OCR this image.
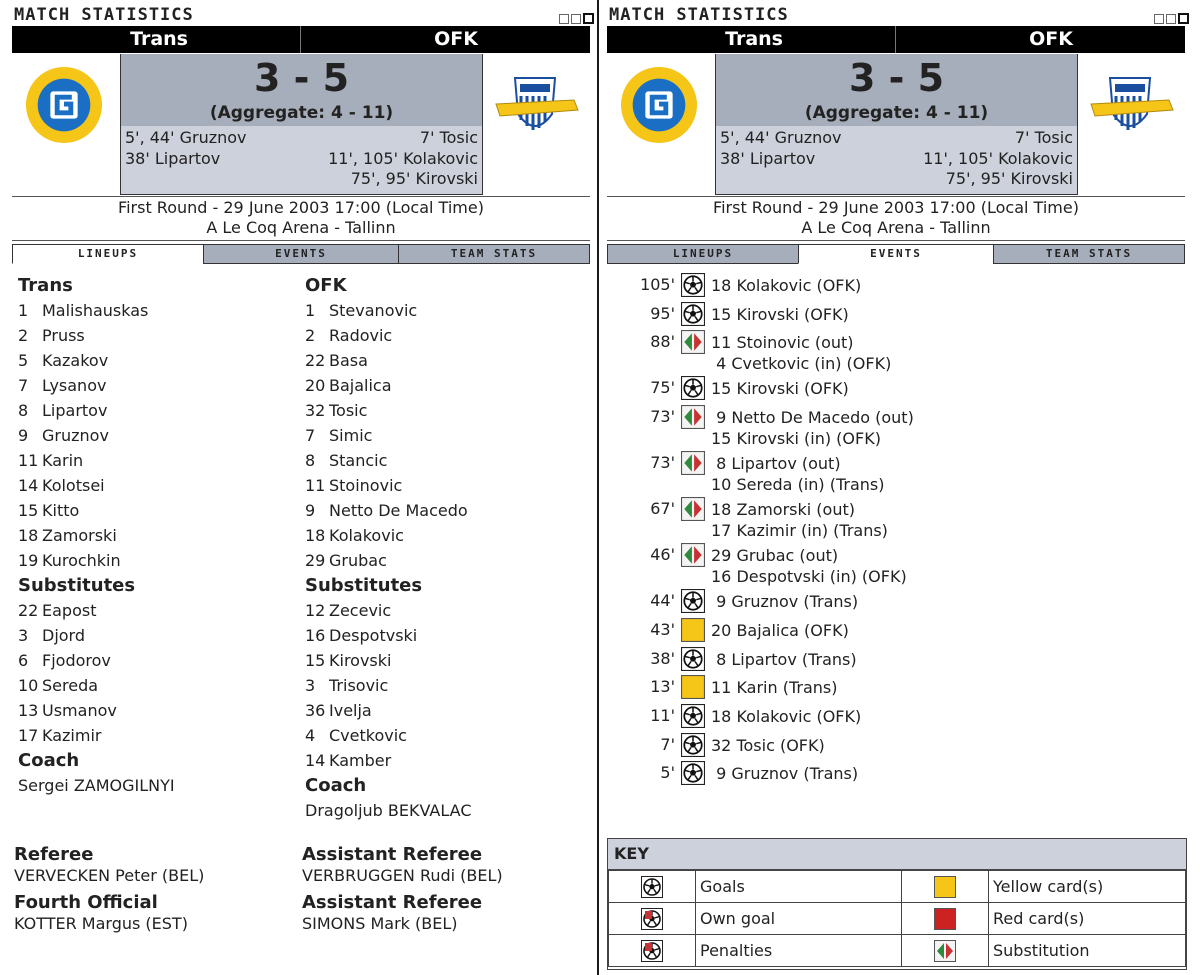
MATCH STATISTICS
Trans	OFK
3 - 5
(Aggregate: 4 - 11)
5', 44' Gruznov
38' Lipartov
7' Tosic
11', 105' Kolakovic
75', 95' Kirovski
First Round - 29 June 2003 17:00 (Local Time)
A Le Coq Arena - Tallinn
LINEUPS	EVENTS	TEAM STATS
Trans
1 Malishauskas
2 Pruss
5 Kazakov
7 Lysanov
8 Lipartov
9 Gruznov
11 Karin
14 Kolotsei
15 Kitto
18 Zamorski
19 Kurochkin
Substitutes
22 Eapost
3 Djord
6 Fjodorov
10 Sereda
13 Usmanov
17 Kazimir
Coach
Sergei ZAMOGILNYI
OFK
1 Stevanovic
2 Radovic
22 Basa
20 Bajalica
32 Tosic
7 Simic
8 Stancic
11 Stoinovic
9 Netto De Macedo
18 Kolakovic
29 Grubac
Substitutes
12 Zecevic
16 Despotvski
15 Kirovski
3 Trisovic
36 Ivelja
4 Cvetkovic
14 Kamber
Coach
Dragoljub BEKVALAC
Referee
VERVECKEN Peter (BEL)
Assistant Referee
VERBRUGGEN Rudi (BEL)
Fourth Official
KOTTER Margus (EST)
Assistant Referee
SIMONS Mark (BEL)
MATCH STATISTICS
Trans	OFK
3 - 5
(Aggregate: 4 - 11)
5', 44' Gruznov
38' Lipartov
7' Tosic
11', 105' Kolakovic
75', 95' Kirovski
First Round - 29 June 2003 17:00 (Local Time)
A Le Coq Arena - Tallinn
LINEUPS	EVENTS	TEAM STATS
105' 18 Kolakovic (OFK)
95' 15 Kirovski (OFK)
88' 11 Stoinovic (out)
4 Cvetkovic (in) (OFK)
75' 15 Kirovski (OFK)
73' 9 Netto De Macedo (out)
15 Kirovski (in) (OFK)
73' 8 Lipartov (out)
10 Sereda (in) (Trans)
67' 18 Zamorski (out)
17 Kazimir (in) (Trans)
46' 29 Grubac (out)
16 Despotvski (in) (OFK)
44' 9 Gruznov (Trans)
43' 20 Bajalica (OFK)
38' 8 Lipartov (Trans)
13' 11 Karin (Trans)
11' 18 Kolakovic (OFK)
7' 32 Tosic (OFK)
5' 9 Gruznov (Trans)
KEY
	Goals		Yellow card(s)
	Own goal		Red card(s)
	Penalties		Substitution
